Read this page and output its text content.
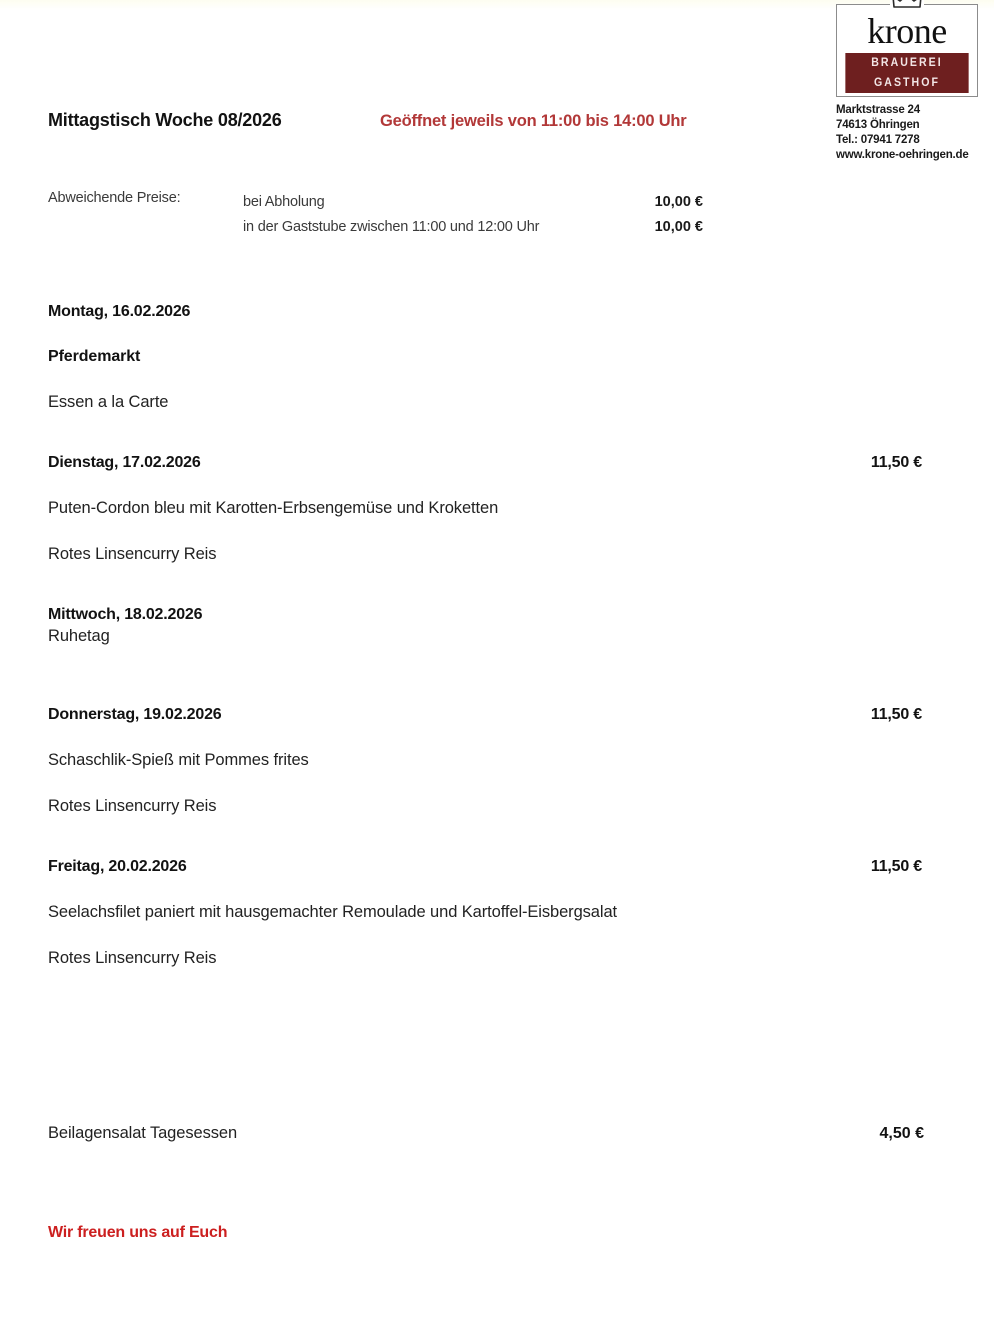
krone
BRAUEREI GASTHOF
Marktstrasse 24
74613 Öhringen
Tel.: 07941 7278
www.krone-oehringen.de
Mittagstisch Woche 08/2026	Geöffnet jeweils von 11:00 bis 14:00 Uhr
Abweichende Preise:	bei Abholung	10,00 €
in der Gaststube zwischen 11:00 und 12:00 Uhr	10,00 €
Montag, 16.02.2026
Pferdemarkt
Essen a la Carte
Dienstag, 17.02.2026	11,50 €
Puten-Cordon bleu mit Karotten-Erbsengemüse und Kroketten
Rotes Linsencurry Reis
Mittwoch, 18.02.2026
Ruhetag
Donnerstag, 19.02.2026	11,50 €
Schaschlik-Spieß mit Pommes frites
Rotes Linsencurry Reis
Freitag, 20.02.2026	11,50 €
Seelachsfilet paniert mit hausgemachter Remoulade und Kartoffel-Eisbergsalat
Rotes Linsencurry Reis
Beilagensalat Tagesessen	4,50 €
Wir freuen uns auf Euch
